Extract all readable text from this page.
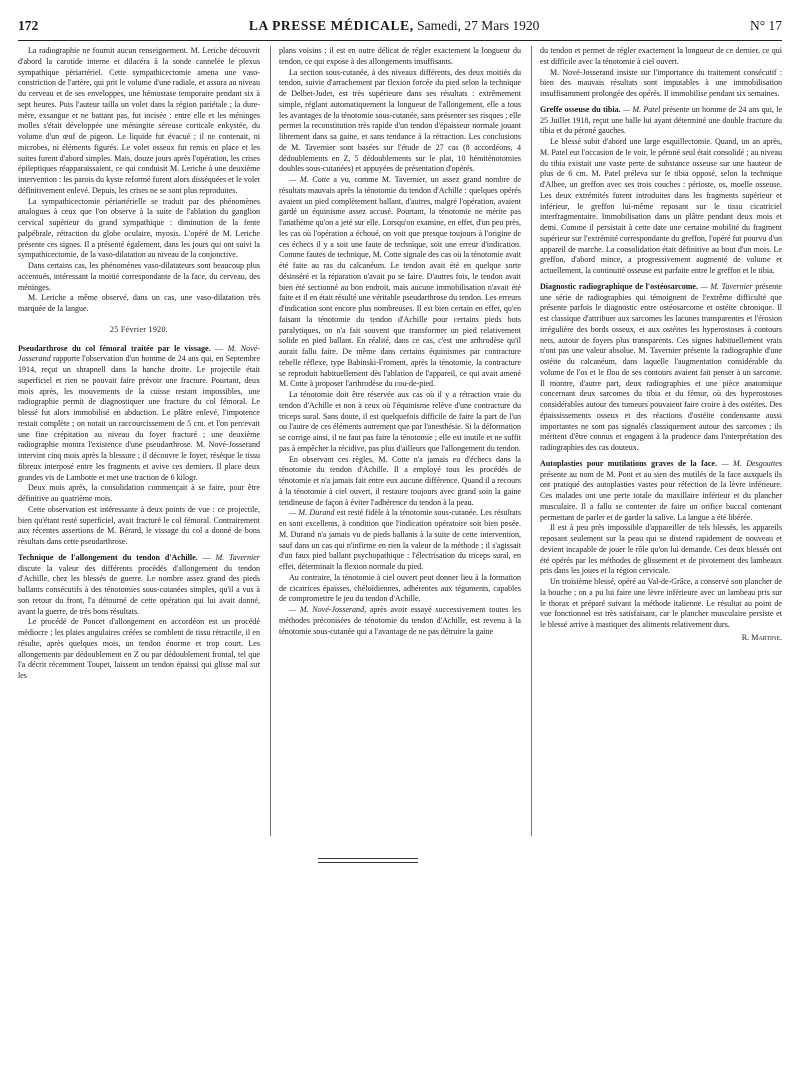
172	LA PRESSE MÉDICALE, Samedi, 27 Mars 1920	N° 17

La radiographie ne fournit aucun renseignement. M. Leriche découvrit d'abord la carotide interne et dilacéra à la sonde cannelée le plexus sympathique périartériel. Cette sympathicectomie amena une vaso-constriction de l'artère, qui prit le volume d'une radiale, et assura au niveau du cerveau et de ses enveloppes, une hémostase temporaire pendant six à sept heures. Puis l'auteur tailla un volet dans la région pariétale ; la dure-mère, exsangue et ne battant pas, fut incisée : entre elle et les méninges molles s'était développée une méningite séreuse corticale enkystée, du volume d'un œuf de pigeon. Le liquide fut évacué ; il ne contenait, ni microbes, ni éléments figurés. Le volet osseux fut remis en place et les suites furent d'abord simples. Mais, douze jours après l'opération, les crises épileptiques réapparaissaient, ce qui conduisit M. Leriche à une deuxième intervention : les parois du kyste reformé furent alors disséquées et le volet définitivement enlevé. Depuis, les crises ne se sont plus reproduites.

La sympathicectomie périartérielle se traduit par des phénomènes analogues à ceux que l'on observe à la suite de l'ablation du ganglion cervical supérieur du grand sympathique : diminution de la fente palpébrale, rétraction du globe oculaire, myosis. L'opéré de M. Leriche présente ces signes. Il a présenté également, dans les jours qui ont suivi la sympathicectomie, de la vaso-dilatation au niveau de la conjonctive.

Dans certains cas, les phénomènes vaso-dilatateurs sont beaucoup plus accentués, intéressant la moitié correspondante de la face, du cerveau, des méninges.

M. Leriche a même observé, dans un cas, une vaso-dilatation très marquée de la langue.

25 Février 1920.

Pseudarthrose du col fémoral traitée par le vissage. — M. Nové-Josserand rapporte l'observation d'un homme de 24 ans qui, en Septembre 1914, reçut un shrapnell dans la hanche droite. Le projectile était superficiel et rien ne pouvait faire prévoir une fracture. Pourtant, deux mois après, les mouvements de la cuisse restant impossibles, une radiographie permit de diagnostiquer une fracture du col fémoral. Le blessé fut alors immobilisé en abduction. Le plâtre enlevé, l'impotence restait complète ; on notait un raccourcissement de 5 cm. et l'on percevait une fine crépitation au niveau du foyer fracturé ; une deuxième radiographie montra l'existence d'une pseudarthrose. M. Nové-Josserand intervint cinq mois après la blessure ; il découvre le foyer, résèque le tissu fibreux interposé entre les fragments et avive ces derniers. Il place deux grandes vis de Lambotte et met une traction de 6 kilogr.

Deux mois après, la consolidation commençait à se faire, pour être définitive au quatrième mois.

Cette observation est intéressante à deux points de vue : ce projectile, bien qu'étant resté superficiel, avait fracturé le col fémoral. Contrairement aux récentes assertions de M. Bérard, le vissage du col a donné de bons résultats dans cette pseudarthrose.

Technique de l'allongement du tendon d'Achille. — M. Tavernier discute la valeur des différents procédés d'allongement du tendon d'Achille, chez les blessés de guerre. Le nombre assez grand des pieds ballants consécutifs à des ténotomies sous-cutanées simples, qu'il a vus à son retour du front, l'a détourné de cette opération qui lui avait donné, avant la guerre, de très bons résultats.

Le procédé de Poncet d'allongement en accordéon est un procédé médiocre ; les plaies angulaires créées se comblent de tissu rétractile, il en résulte, après quelques mois, un tendon énorme et trop court. Les allongements par dédoublement en Z ou par dédoublement frontal, tel que l'a décrit récemment Toupet, laissent un tendon épaissi qui glisse mal sur les

plans voisins ; il est en outre délicat de régler exactement la longueur du tendon, ce qui expose à des allongements insuffisants.

La section sous-cutanée, à des niveaux différents, des deux moitiés du tendon, suivie d'arrachement par flexion forcée du pied selon la technique de Delbet-Judet, est très supérieure dans ses résultats : extrêmement simple, réglant automatiquement la longueur de l'allongement, elle a tous les avantages de la ténotomie sous-cutanée, sans présenter ses risques ; elle permet la reconstitution très rapide d'un tendon d'épaisseur normale jouant librement dans sa gaine, et sans tendance à la rétraction. Les conclusions de M. Tavernier sont basées sur l'étude de 27 cas (8 accordéons, 4 dédoublements en Z, 5 dédoublements sur le plat, 10 hémiténotomies doubles sous-cutanées) et appuyées de présentation d'opérés.

— M. Cotte a vu, comme M. Tavernier, un assez grand nombre de résultats mauvais après la ténotomie du tendon d'Achille : quelques opérés avaient un pied complètement ballant, d'autres, malgré l'opération, avaient gardé un équinisme assez accusé. Pourtant, la ténotomie ne mérite pas l'anathème qu'on a jeté sur elle. Lorsqu'on examine, en effet, d'un peu près, les cas où l'opération a échoué, on voit que presque toujours à l'origine de ces échecs il y a soit une faute de technique, soit une erreur d'indication. Comme fautes de technique, M. Cotte signale des cas où la ténotomie avait été faite au ras du calcanéum. Le tendon avait été en quelque sorte désinséré et la réparation n'avait pu se faire. D'autres fois, le tendon avait bien été sectionné au bon endroit, mais aucune immobilisation n'avait été faite et il en était résulté une véritable pseudarthrose du tendon. Les erreurs d'indication sont encore plus nombreuses. Il est bien certain en effet, qu'en faisant la ténotomie du tendon d'Achille pour certains pieds bots paralytiques, on n'a fait souvent que transformer un pied relativement solide en pied ballant. En réalité, dans ce cas, c'est une arthrodèse qu'il aurait fallu faire. De même dans certains équinismes par contracture rebelle réflexe, type Babinski-Froment, après la ténotomie, la contracture se reproduit habituellement dès l'ablation de l'appareil, ce qui avait amené M. Cotte à proposer l'arthrodèse du cou-de-pied.

La ténotomie doit être réservée aux cas où il y a rétraction vraie du tendon d'Achille et non à ceux où l'équinisme relève d'une contracture du triceps sural. Sans doute, il est quelquefois difficile de faire la part de l'un ou l'autre de ces éléments autrement que par l'anesthésie. Si la déformation se corrige ainsi, il ne faut pas faire la ténotomie ; elle est inutile et ne suffit pas à empêcher la récidive, pas plus d'ailleurs que l'allongement du tendon.

En observant ces règles, M. Cotte n'a jamais eu d'échecs dans la ténotomie du tendon d'Achille. Il a employé tous les procédés de ténotomie et n'a jamais fait entre eux aucune différence. Quand il a recours à la ténotomie à ciel ouvert, il restaure toujours avec grand soin la gaine tendineuse de façon à éviter l'adhérence du tendon à la peau.

— M. Durand est resté fidèle à la ténotomie sous-cutanée. Les résultats en sont excellents, à condition que l'indication opératoire soit bien posée. M. Durand n'a jamais vu de pieds ballants à la suite de cette intervention, sauf dans un cas qui n'infirme en rien la valeur de la méthode ; il s'agissait d'un faux pied ballant psychopathique : l'électrisation du triceps sural, en effet, déterminait la flexion normale du pied.

Au contraire, la ténotomie à ciel ouvert peut donner lieu à la formation de cicatrices épaisses, chéloïdiennes, adhérentes aux téguments, capables de compromettre le jeu du tendon d'Achille.

— M. Nové-Josserand, après avoir essayé successivement toutes les méthodes préconisées de ténotomie du tendon d'Achille, est revenu à la ténotomie sous-cutanée qui a l'avantage de ne pas détruire la gaine

du tendon et permet de régler exactement la longueur de ce dernier, ce qui est difficile avec la ténotomie à ciel ouvert.

M. Nové-Josserand insiste sur l'importance du traitement consécutif : bien des mauvais résultats sont imputables à une immobilisation insuffisamment prolongée des opérés. Il immobilise pendant six semaines.

Greffe osseuse du tibia. — M. Patel présente un homme de 24 ans qui, le 25 Juillet 1918, reçut une balle lui ayant déterminé une double fracture du tibia et du péroné gauches.

Le blessé subit d'abord une large esquillectomie. Quand, un an après, M. Patel eut l'occasion de le voir, le péroné seul était consolidé ; au niveau du tibia existait une vaste perte de substance osseuse sur une hauteur de plus de 6 cm. M. Patel préleva sur le tibia opposé, selon la technique d'Albee, un greffon avec ses trois couches : périoste, os, moelle osseuse. Les deux extrémités furent introduites dans les fragments supérieur et inférieur, le greffon lui-même reposant sur le tissu cicatriciel interfragmentaire. Immobilisation dans un plâtre pendant deux mois et demi. Comme il persistait à cette date une certaine mobilité du fragment supérieur sur l'extrémité correspondante du greffon, l'opéré fut pourvu d'un appareil de marche. La consolidation était définitive au bout d'un mois. Le greffon, d'abord mince, a progressivement augmenté de volume et actuellement, la continuité osseuse est parfaite entre le greffon et le tibia.

Diagnostic radiographique de l'ostéosarcome. — M. Tavernier présente une série de radiographies qui témoignent de l'extrême difficulté que présente parfois le diagnostic entre ostéosarcome et ostéite chronique. Il est classique d'attribuer aux sarcomes les lacunes transparentes et l'érosion irrégulière des bords osseux, et aux ostéites les hyperostoses à contours nets, autour de foyers plus transparents. Ces signes habituellement vrais n'ont pas une valeur absolue. M. Tavernier présente la radiographie d'une ostéite du calcanéum, dans laquelle l'augmentation considérable du volume de l'os et le flou de ses contours avaient fait penser à un sarcome. Il montre, d'autre part, deux radiographies et une pièce anatomique concernant deux sarcomes du tibia et du fémur, où des hyperostoses considérables autour des tumeurs pouvaient faire croire à des ostéites. Des épaississements osseux et des réactions d'ostéite condensante aussi importantes ne sont pas signalés classiquement autour des sarcomes ; ils méritent d'être connus et engagent à la prudence dans l'interprétation des radiographies des cas douteux.

Autoplasties pour mutilations graves de la face. — M. Desgouttes présente au nom de M. Pont et au sien des mutilés de la face auxquels ils ont pratiqué des autoplasties vastes pour réfection de la lèvre inférieure. Ces malades ont une perte totale du maxillaire inférieur et du plancher musculaire. Il a fallu se contenter de faire un orifice buccal contenant permettant de parler et de garder la salive. La langue a été libérée.

Il est à peu près impossible d'appareiller de tels blessés, les appareils reposant seulement sur la peau qui se distend rapidement de nouveau et devient incapable de jouer le rôle qu'on lui demande. Ces deux blessés ont été opérés par les méthodes de glissement et de pivotement des lambeaux pris dans les joues et la région cervicale.

Un troisième blessé, opéré au Val-de-Grâce, a conservé son plancher de la bouche ; on a pu lui faire une lèvre inférieure avec un lambeau pris sur le thorax et préparé suivant la méthode italienne. Le résultat au point de vue fonctionnel est très satisfaisant, car le plancher musculaire persiste et le blessé arrive à mastiquer des aliments relativement durs.

R. Martine.
